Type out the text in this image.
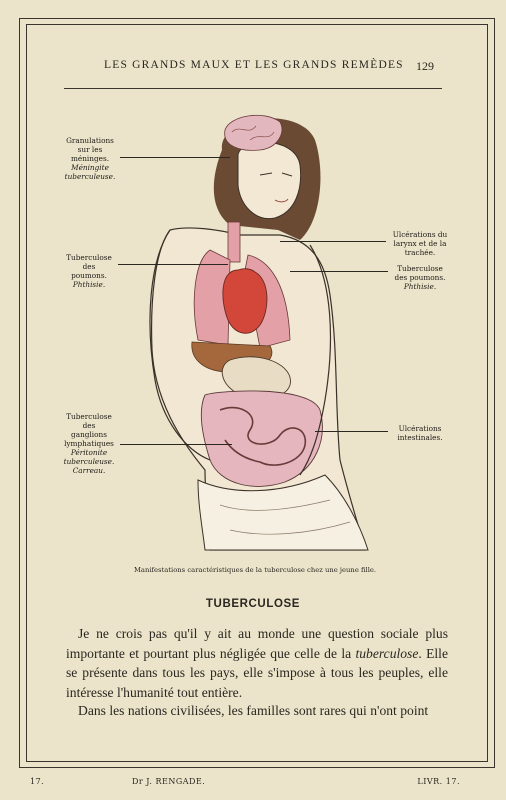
LES GRANDS MAUX ET LES GRANDS REMÈDES 129
Granulations
sur les
méninges.
Méningite
tuberculeuse.
Tuberculose
des
poumons.
Phthisie.
Tuberculose
des
ganglions
lymphatiques
Péritonite
tuberculeuse.
Carreau.
Ulcérations du
larynx et de la
trachée.
Tuberculose
des poumons.
Phthisie.
Ulcérations
intestinales.
Manifestations caractéristiques de la tuberculose chez une jeune fille.
TUBERCULOSE

Je ne crois pas qu'il y ait au monde une question sociale plus importante et pourtant plus négligée que celle de la tuberculose. Elle se présente dans tous les pays, elle s'impose à tous les peuples, elle intéresse l'humanité tout entière.

Dans les nations civilisées, les familles sont rares qui n'ont point

17.	Dr J. RENGADE.	LIVR. 17.
